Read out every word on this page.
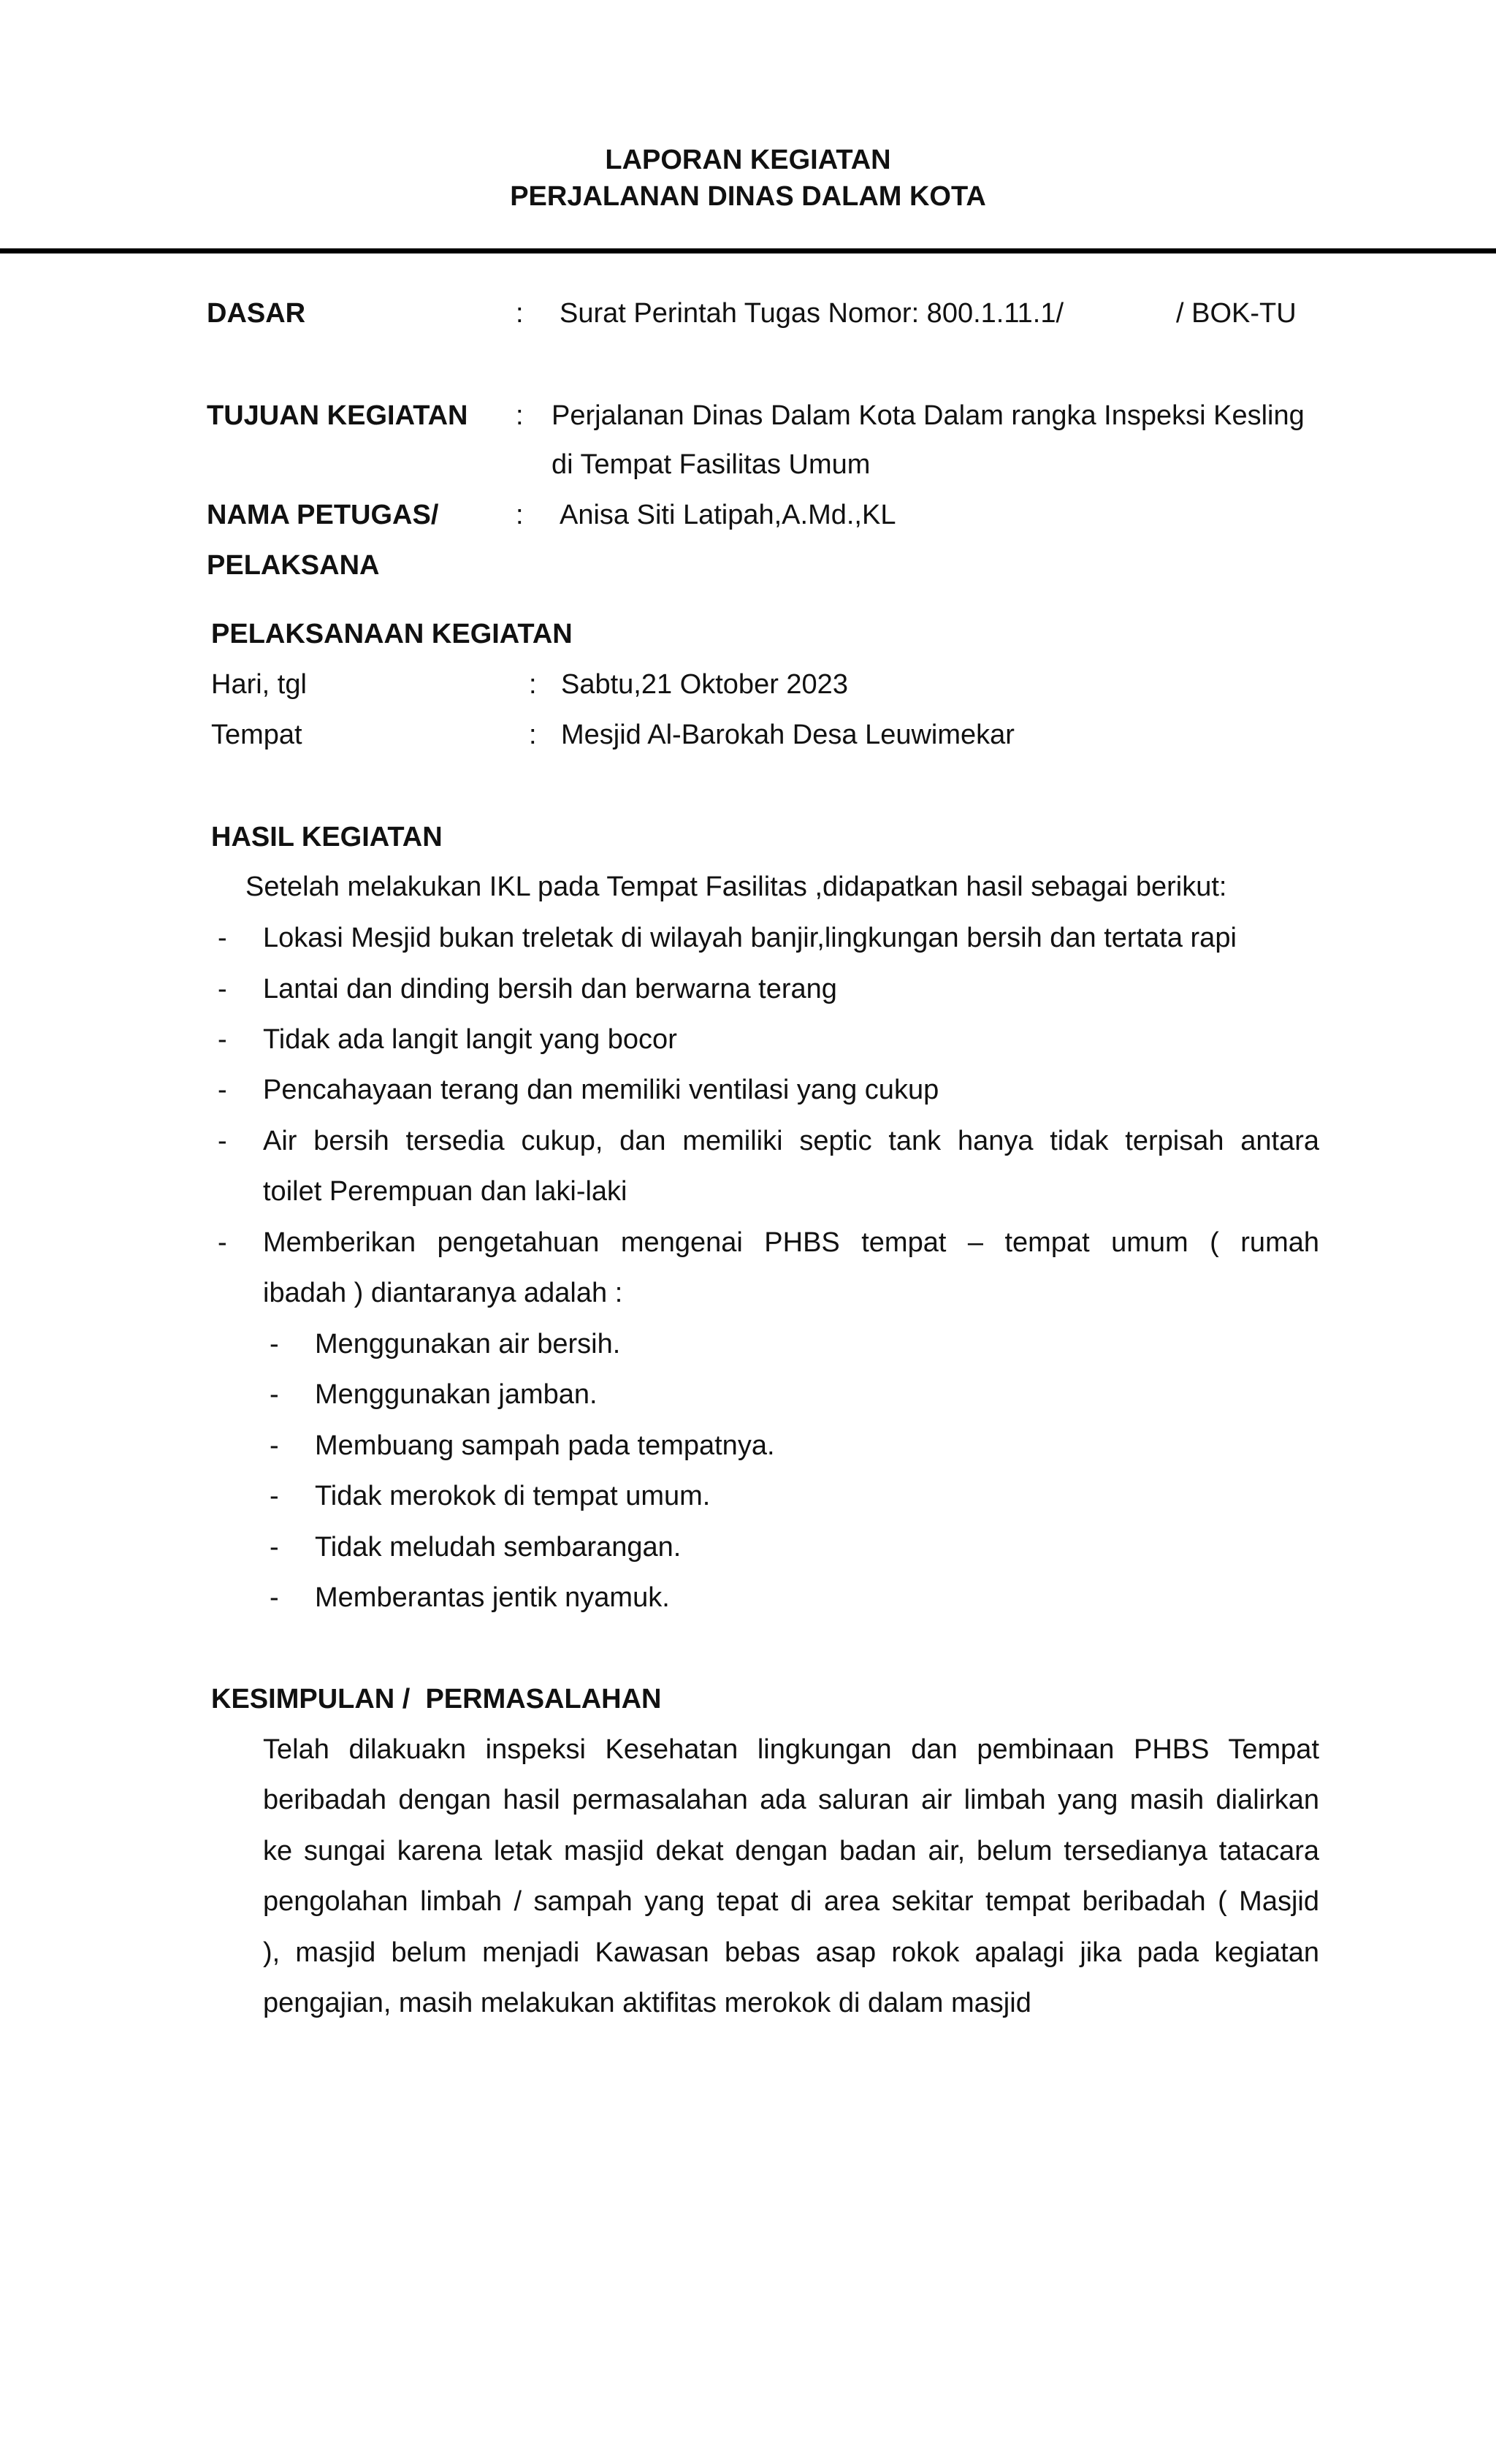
LAPORAN KEGIATAN
PERJALANAN DINAS DALAM KOTA
DASAR	: Surat Perintah Tugas Nomor: 800.1.11.1/	/ BOK-TU
TUJUAN KEGIATAN : Perjalanan Dinas Dalam Kota Dalam rangka Inspeksi Kesling
di Tempat Fasilitas Umum
NAMA PETUGAS/
PELAKSANA
: Anisa Siti Latipah,A.Md.,KL
PELAKSANAAN KEGIATAN
Hari, tgl	: Sabtu,21 Oktober 2023
Tempat	: Mesjid Al-Barokah Desa Leuwimekar
HASIL KEGIATAN
Setelah melakukan IKL pada Tempat Fasilitas ,didapatkan hasil sebagai berikut:
- Lokasi Mesjid bukan treletak di wilayah banjir,lingkungan bersih dan tertata rapi
- Lantai dan dinding bersih dan berwarna terang
- Tidak ada langit langit yang bocor
- Pencahayaan terang dan memiliki ventilasi yang cukup
- Air bersih tersedia cukup, dan memiliki septic tank hanya tidak terpisah antara
toilet Perempuan dan laki-laki
- Memberikan pengetahuan mengenai PHBS tempat – tempat umum ( rumah
ibadah ) diantaranya adalah :
- Menggunakan air bersih.
- Menggunakan jamban.
- Membuang sampah pada tempatnya.
- Tidak merokok di tempat umum.
- Tidak meludah sembarangan.
- Memberantas jentik nyamuk.
KESIMPULAN /  PERMASALAHAN
Telah dilakuakn inspeksi Kesehatan lingkungan dan pembinaan PHBS Tempat
beribadah dengan hasil permasalahan ada saluran air limbah yang masih dialirkan
ke sungai karena letak masjid dekat dengan badan air, belum tersedianya tatacara
pengolahan limbah / sampah yang tepat di area sekitar tempat beribadah ( Masjid
), masjid belum menjadi Kawasan bebas asap rokok apalagi jika pada kegiatan
pengajian, masih melakukan aktifitas merokok di dalam masjid
